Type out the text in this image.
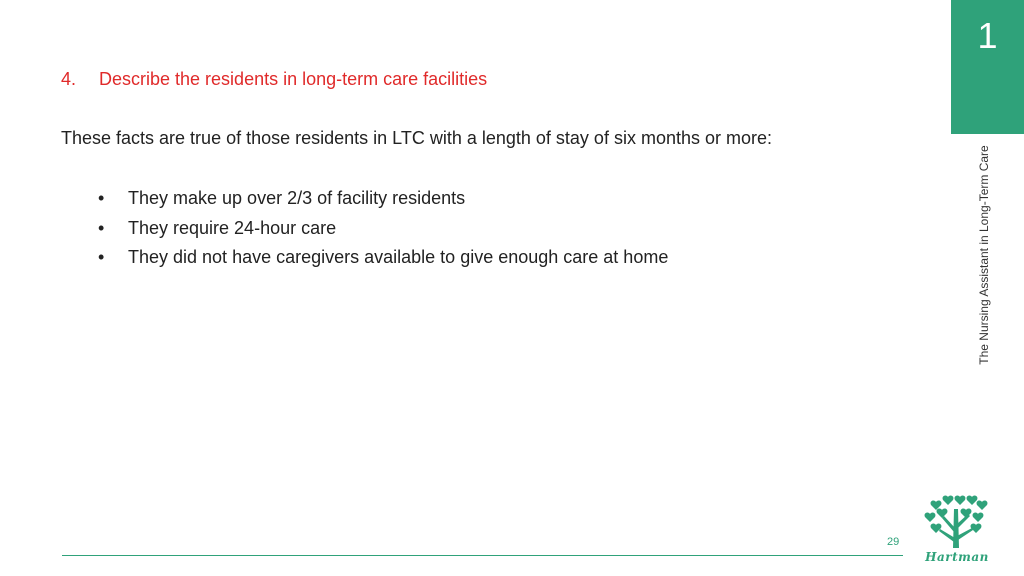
1
The Nursing Assistant in Long-Term Care
4.	Describe the residents in long-term care facilities
These facts are true of those residents in LTC with a length of stay of six months or more:
•	They make up over 2/3 of facility residents
•	They require 24-hour care
•	They did not have caregivers available to give enough care at home
29
Hartman
